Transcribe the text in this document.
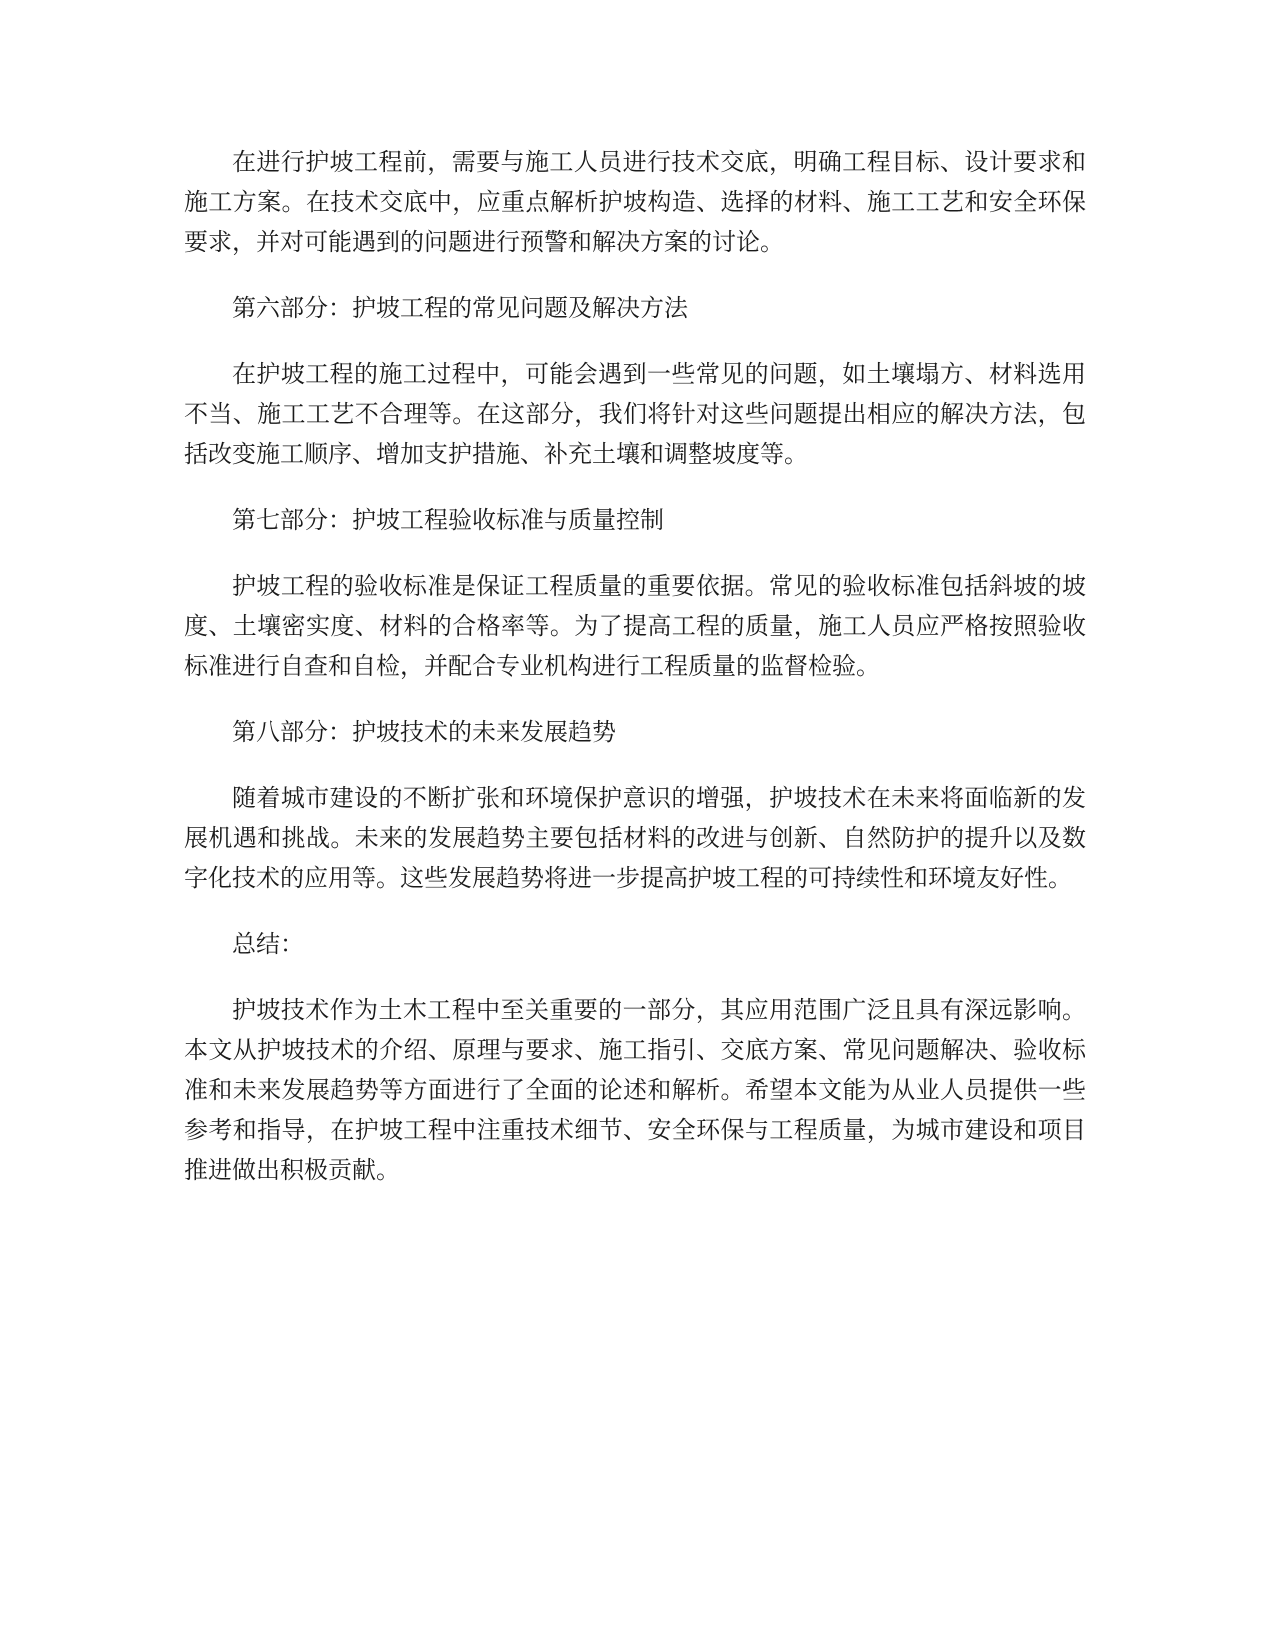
在进行护坡工程前，需要与施工人员进行技术交底，明确工程目标、设计要求和施工方案。在技术交底中，应重点解析护坡构造、选择的材料、施工工艺和安全环保要求，并对可能遇到的问题进行预警和解决方案的讨论。

第六部分：护坡工程的常见问题及解决方法

在护坡工程的施工过程中，可能会遇到一些常见的问题，如土壤塌方、材料选用不当、施工工艺不合理等。在这部分，我们将针对这些问题提出相应的解决方法，包括改变施工顺序、增加支护措施、补充土壤和调整坡度等。

第七部分：护坡工程验收标准与质量控制

护坡工程的验收标准是保证工程质量的重要依据。常见的验收标准包括斜坡的坡度、土壤密实度、材料的合格率等。为了提高工程的质量，施工人员应严格按照验收标准进行自查和自检，并配合专业机构进行工程质量的监督检验。

第八部分：护坡技术的未来发展趋势

随着城市建设的不断扩张和环境保护意识的增强，护坡技术在未来将面临新的发展机遇和挑战。未来的发展趋势主要包括材料的改进与创新、自然防护的提升以及数字化技术的应用等。这些发展趋势将进一步提高护坡工程的可持续性和环境友好性。

总结：

护坡技术作为土木工程中至关重要的一部分，其应用范围广泛且具有深远影响。本文从护坡技术的介绍、原理与要求、施工指引、交底方案、常见问题解决、验收标准和未来发展趋势等方面进行了全面的论述和解析。希望本文能为从业人员提供一些参考和指导，在护坡工程中注重技术细节、安全环保与工程质量，为城市建设和项目推进做出积极贡献。
